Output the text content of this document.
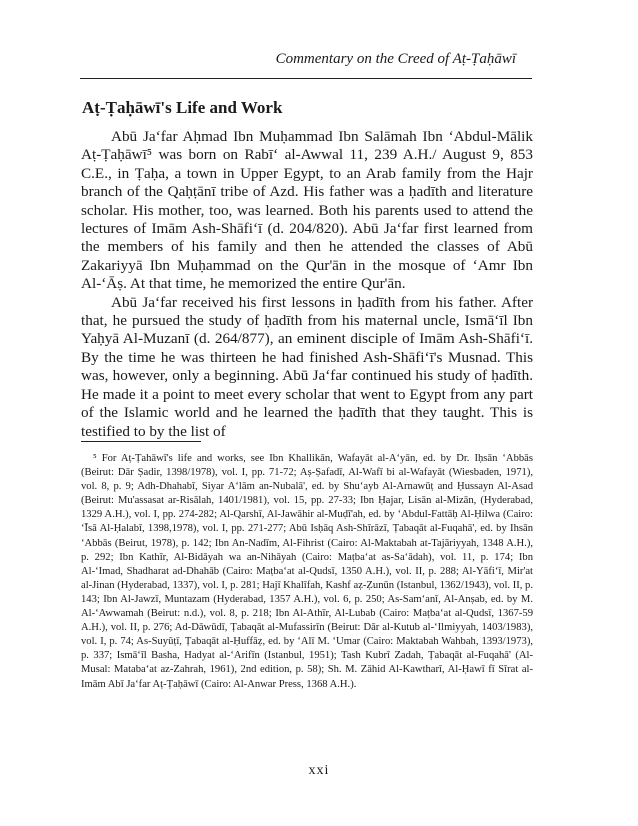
Commentary on the Creed of Aṭ-Ṭaḥāwī
Aṭ-Ṭaḥāwī's Life and Work

Abū Ja‘far Aḥmad Ibn Muḥammad Ibn Salāmah Ibn ‘Abdul-Mālik Aṭ-Ṭaḥāwī⁵ was born on Rabī‘ al-Awwal 11, 239 A.H./ August 9, 853 C.E., in Ṭaḥa, a town in Upper Egypt, to an Arab family from the Hajr branch of the Qaḥṭānī tribe of Azd. His father was a ḥadīth and literature scholar. His mother, too, was learned. Both his parents used to attend the lectures of Imām Ash-Shāfi‘ī (d. 204/820). Abū Ja‘far first learned from the members of his family and then he attended the classes of Abū Zakariyyā Ibn Muḥammad on the Qur'ān in the mosque of ‘Amr Ibn Al-‘Āṣ. At that time, he memorized the entire Qur'ān.

Abū Ja‘far received his first lessons in ḥadīth from his father. After that, he pursued the study of ḥadīth from his maternal uncle, Ismā‘īl Ibn Yaḥyā Al-Muzanī (d. 264/877), an eminent disciple of Imām Ash-Shāfi‘ī. By the time he was thirteen he had finished Ash-Shāfi‘ī's Musnad. This was, however, only a beginning. Abū Ja‘far continued his study of ḥadīth. He made it a point to meet every scholar that went to Egypt from any part of the Islamic world and he learned the ḥadīth that they taught. This is testified to by the list of

⁵ For Aṭ-Ṭahāwī's life and works, see Ibn Khallikān, Wafayāt al-A‘yān, ed. by Dr. Iḥsān ‘Abbās (Beirut: Dār Ṣadir, 1398/1978), vol. I, pp. 71-72; Aṣ-Ṣafadī, Al-Wafī bi al-Wafayāt (Wiesbaden, 1971), vol. 8, p. 9; Adh-Dhahabī, Siyar A‘lām an-Nubalā', ed. by Shu‘ayb Al-Arnawūṭ and Ḥussayn Al-Asad (Beirut: Mu'assasat ar-Risālah, 1401/1981), vol. 15, pp. 27-33; Ibn Ḥajar, Lisān al-Mizān, (Hyderabad, 1329 A.H.), vol. I, pp. 274-282; Al-Qarshī, Al-Jawāhir al-Muḍī'ah, ed. by ‘Abdul-Fattāḥ Al-Ḥilwa (Cairo: ‘Īsā Al-Ḥalabī, 1398,1978), vol. I, pp. 271-277; Abū Isḥāq Ash-Shīrāzī, Ṭabaqāt al-Fuqahā', ed. by Ihsān ‘Abbās (Beirut, 1978), p. 142; Ibn An-Nadīm, Al-Fihrist (Cairo: Al-Maktabah at-Tajāriyyah, 1348 A.H.), p. 292; Ibn Kathīr, Al-Bidāyah wa an-Nihāyah (Cairo: Maṭba‘at as-Sa‘ādah), vol. 11, p. 174; Ibn Al-‘Imad, Shadharat ad-Dhahāb (Cairo: Maṭba‘at al-Qudsī, 1350 A.H.), vol. II, p. 288; Al-Yāfi‘ī, Mir'at al-Jinan (Hyderabad, 1337), vol. I, p. 281; Hajī Khalīfah, Kashf aẓ-Ẓunūn (Istanbul, 1362/1943), vol. II, p. 143; Ibn Al-Jawzī, Muntazam (Hyderabad, 1357 A.H.), vol. 6, p. 250; As-Sam‘anī, Al-Anṣab, ed. by M. Al-‘Awwamah (Beirut: n.d.), vol. 8, p. 218; Ibn Al-Athīr, Al-Lubab (Cairo: Maṭba‘at al-Qudsī, 1367-59 A.H.), vol. II, p. 276; Ad-Dāwūdī, Ṭabaqāt al-Mufassirīn (Beirut: Dār al-Kutub al-‘Ilmiyyah, 1403/1983), vol. I, p. 74; As-Suyūṭī, Ṭabaqāt al-Ḥuffāẓ, ed. by ‘Alī M. ‘Umar (Cairo: Maktabah Wahbah, 1393/1973), p. 337; Ismā‘īl Basha, Hadyat al-‘Arifīn (Istanbul, 1951); Tash Kubrī Zadah, Ṭabaqāt al-Fuqahā' (Al-Musal: Mataba‘at az-Zahrah, 1961), 2nd edition, p. 58); Sh. M. Zāhid Al-Kawtharī, Al-Ḥawī fī Sīrat al-Imām Abī Ja‘far Aṭ-Ṭaḥāwī (Cairo: Al-Anwar Press, 1368 A.H.).

xxi
